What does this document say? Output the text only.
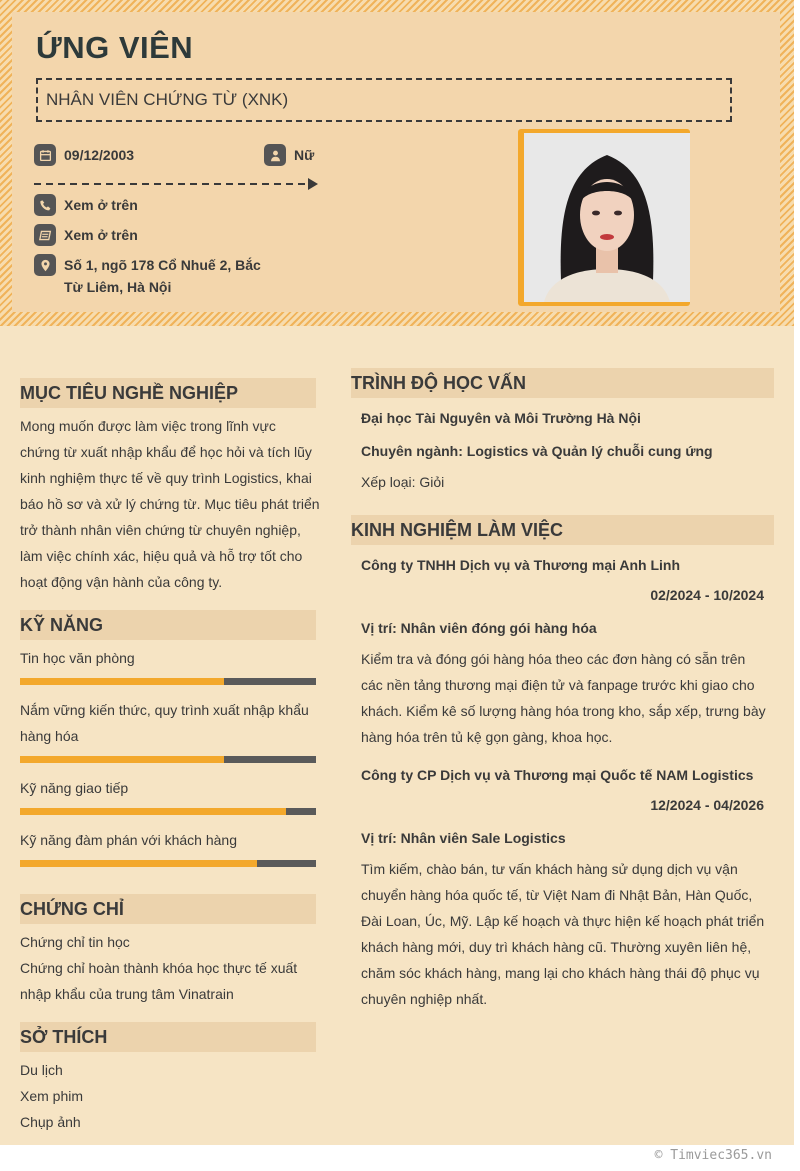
ỨNG VIÊN
NHÂN VIÊN CHỨNG TỪ (XNK)
09/12/2003	Nữ
Xem ở trên
Xem ở trên
Số 1, ngõ 178 Cổ Nhuế 2, Bắc
Từ Liêm, Hà Nội
MỤC TIÊU NGHỀ NGHIỆP
Mong muốn được làm việc trong lĩnh vực
chứng từ xuất nhập khẩu để học hỏi và tích lũy
kinh nghiệm thực tế về quy trình Logistics, khai
báo hồ sơ và xử lý chứng từ. Mục tiêu phát triển
trở thành nhân viên chứng từ chuyên nghiệp,
làm việc chính xác, hiệu quả và hỗ trợ tốt cho
hoạt động vận hành của công ty.
KỸ NĂNG
Tin học văn phòng
Nắm vững kiến thức, quy trình xuất nhập khẩu
hàng hóa
Kỹ năng giao tiếp
Kỹ năng đàm phán với khách hàng
CHỨNG CHỈ
Chứng chỉ tin học
Chứng chỉ hoàn thành khóa học thực tế xuất
nhập khẩu của trung tâm Vinatrain
SỞ THÍCH
Du lịch
Xem phim
Chụp ảnh
TRÌNH ĐỘ HỌC VẤN
Đại học Tài Nguyên và Môi Trường Hà Nội
Chuyên ngành: Logistics và Quản lý chuỗi cung ứng
Xếp loại: Giỏi
KINH NGHIỆM LÀM VIỆC
Công ty TNHH Dịch vụ và Thương mại Anh Linh
02/2024 - 10/2024
Vị trí: Nhân viên đóng gói hàng hóa
Kiểm tra và đóng gói hàng hóa theo các đơn hàng có sẵn trên
các nền tảng thương mại điện tử và fanpage trước khi giao cho
khách. Kiểm kê số lượng hàng hóa trong kho, sắp xếp, trưng bày
hàng hóa trên tủ kệ gọn gàng, khoa học.
Công ty CP Dịch vụ và Thương mại Quốc tế NAM Logistics
12/2024 - 04/2026
Vị trí: Nhân viên Sale Logistics
Tìm kiếm, chào bán, tư vấn khách hàng sử dụng dịch vụ vận
chuyển hàng hóa quốc tế, từ Việt Nam đi Nhật Bản, Hàn Quốc,
Đài Loan, Úc, Mỹ. Lập kế hoạch và thực hiện kế hoạch phát triển
khách hàng mới, duy trì khách hàng cũ. Thường xuyên liên hệ,
chăm sóc khách hàng, mang lại cho khách hàng thái độ phục vụ
chuyên nghiệp nhất.
© Timviec365.vn
